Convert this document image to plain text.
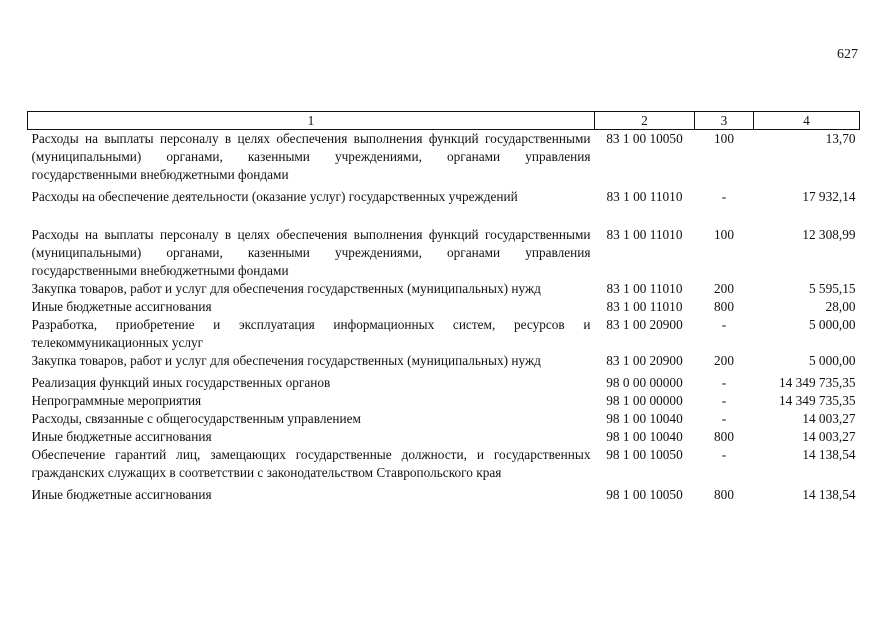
627
1	2	3	4
Расходы на выплаты персоналу в целях обеспечения выполнения функций государственными (муниципальными) органами, казенными учреждениями, органами управления государственными внебюджетными фондами	83 1 00 10050	100	13,70
Расходы на обеспечение деятельности (оказание услуг) государственных учреждений	83 1 00 11010	-	17 932,14
Расходы на выплаты персоналу в целях обеспечения выполнения функций государственными (муниципальными) органами, казенными учреждениями, органами управления государственными внебюджетными фондами	83 1 00 11010	100	12 308,99
Закупка товаров, работ и услуг для обеспечения государственных (муниципальных) нужд	83 1 00 11010	200	5 595,15
Иные бюджетные ассигнования	83 1 00 11010	800	28,00
Разработка, приобретение и эксплуатация информационных систем, ресурсов и телекоммуникационных услуг	83 1 00 20900	-	5 000,00
Закупка товаров, работ и услуг для обеспечения государственных (муниципальных) нужд	83 1 00 20900	200	5 000,00
Реализация функций иных государственных органов	98 0 00 00000	-	14 349 735,35
Непрограммные мероприятия	98 1 00 00000	-	14 349 735,35
Расходы, связанные с общегосударственным управлением	98 1 00 10040	-	14 003,27
Иные бюджетные ассигнования	98 1 00 10040	800	14 003,27
Обеспечение гарантий лиц, замещающих государственные должности, и государственных гражданских служащих в соответствии с законодательством Ставропольского края	98 1 00 10050	-	14 138,54
Иные бюджетные ассигнования	98 1 00 10050	800	14 138,54
